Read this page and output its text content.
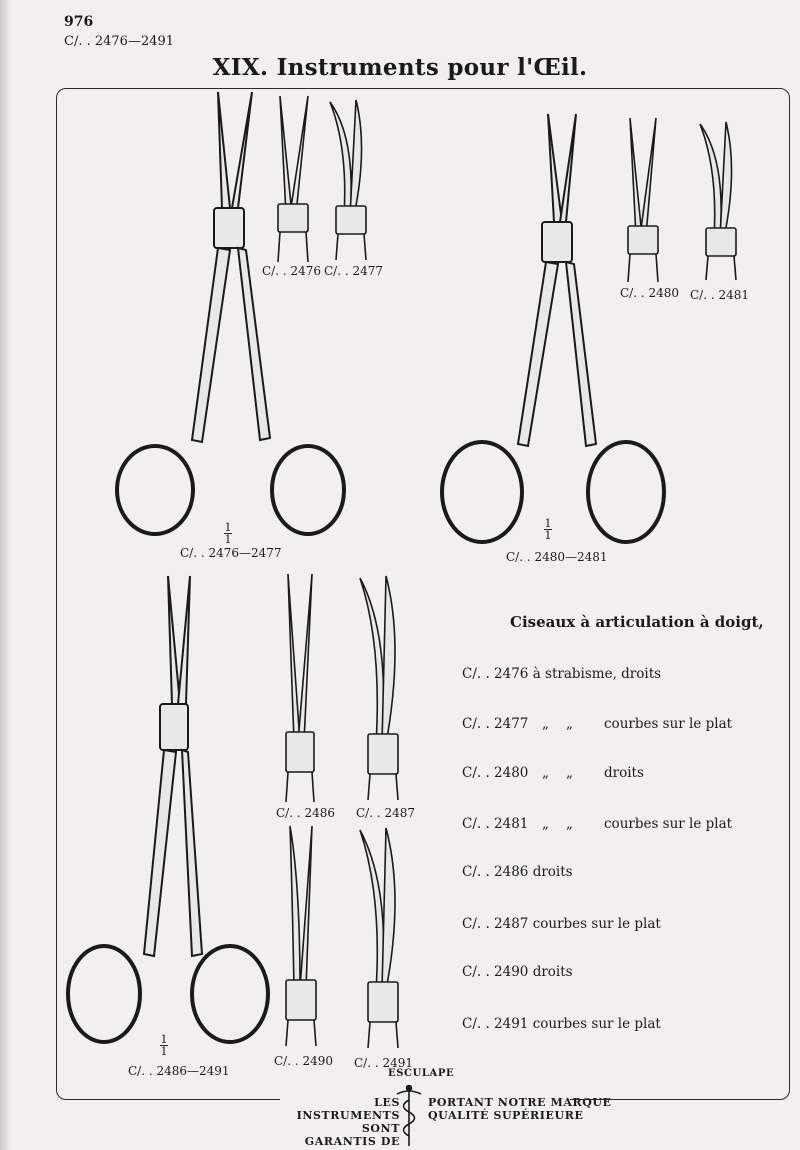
976
C/. . 2476—2491
XIX. Instruments pour l'Œil.
C/. . 2476 C/. . 2477
1
1
C/. . 2476—2477
C/. . 2480 C/. . 2481
1
1
C/. . 2480—2481
C/. . 2486 C/. . 2487
C/. . 2490 C/. . 2491
1
1
C/. . 2486—2491
Ciseaux à articulation à doigt,
C/. . 2476 à strabisme, droits
C/. . 2477 „ „ courbes sur le plat
C/. . 2480 „ „ droits
C/. . 2481 „ „ courbes sur le plat
C/. . 2486 droits
C/. . 2487 courbes sur le plat
C/. . 2490 droits
C/. . 2491 courbes sur le plat
ESCULAPE
LES INSTRUMENTS
SONT GARANTIS DE
PORTANT NOTRE MARQUE
QUALITÉ SUPÉRIEURE
